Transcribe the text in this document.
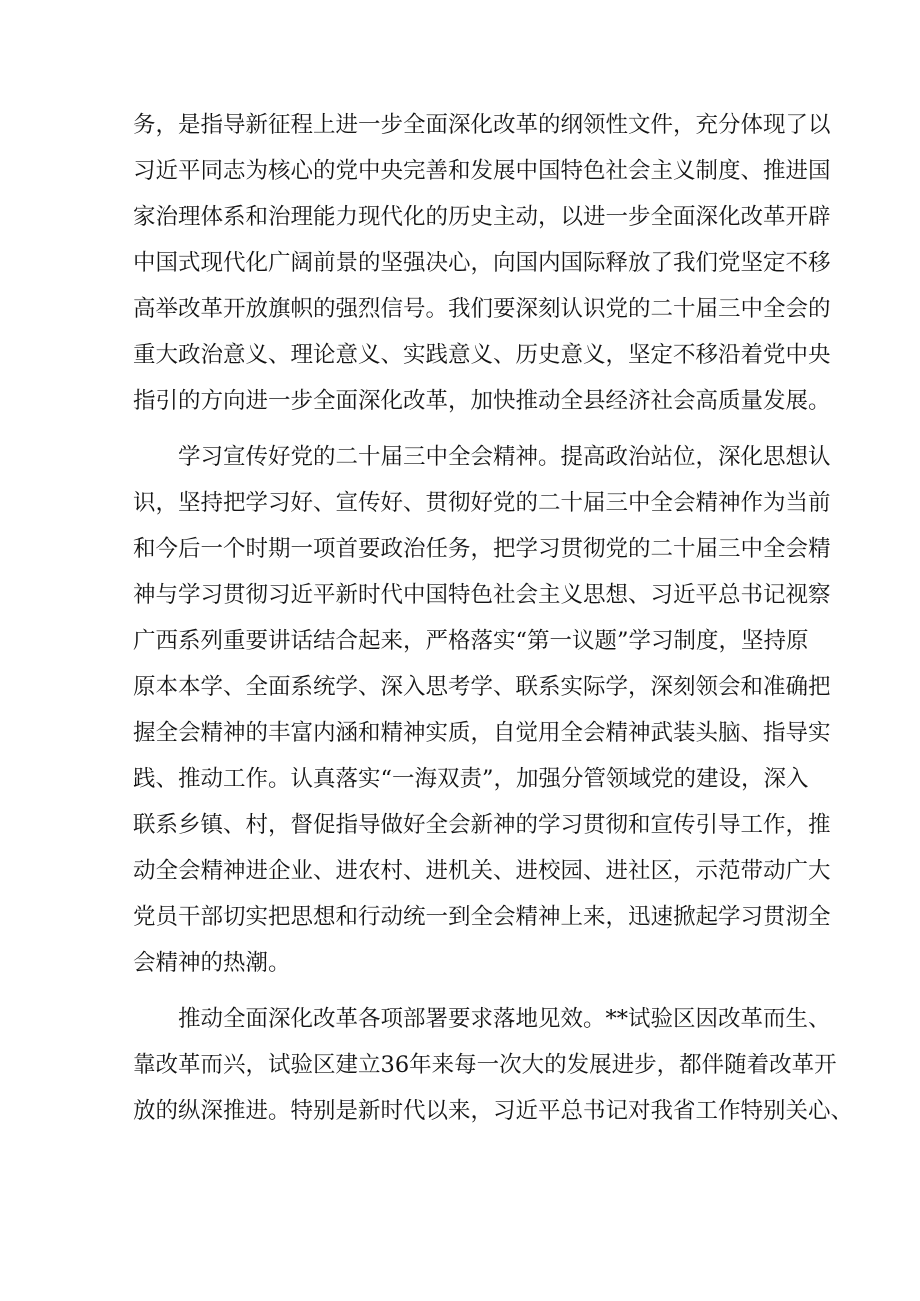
务，是指导新征程上进一步全面深化改革的纲领性文件，充分体现了以
习近平同志为核心的党中央完善和发展中国特色社会主义制度、推进国
家治理体系和治理能力现代化的历史主动，以进一步全面深化改革开辟
中国式现代化广阔前景的坚强决心，向国内国际释放了我们党坚定不移
高举改革开放旗帜的强烈信号。我们要深刻认识党的二十届三中全会的
重大政治意义、理论意义、实践意义、历史意义，坚定不移沿着党中央
指引的方向进一步全面深化改革，加快推动全县经济社会高质量发展。
学习宣传好党的二十届三中全会精神。提高政治站位，深化思想认
识，坚持把学习好、宣传好、贯彻好党的二十届三中全会精神作为当前
和今后一个时期一项首要政治任务，把学习贯彻党的二十届三中全会精
神与学习贯彻习近平新时代中国特色社会主义思想、习近平总书记视察
广西系列重要讲话结合起来，严格落实“第一议题”学习制度，坚持原
原本本学、全面系统学、深入思考学、联系实际学，深刻领会和准确把
握全会精神的丰富内涵和精神实质，自觉用全会精神武装头脑、指导实
践、推动工作。认真落实“一海双责”，加强分管领域党的建设，深入
联系乡镇、村，督促指导做好全会新神的学习贯彻和宣传引导工作，推
动全会精神进企业、进农村、进机关、进校园、进社区，示范带动广大
党员干部切实把思想和行动统一到全会精神上来，迅速掀起学习贯沏全
会精神的热潮。
推动全面深化改革各项部署要求落地见效。**试验区因改革而生、
靠改革而兴，试验区建立36年来每一次大的发展进步，都伴随着改革开
放的纵深推进。特别是新时代以来，习近平总书记对我省工作特别关心、
